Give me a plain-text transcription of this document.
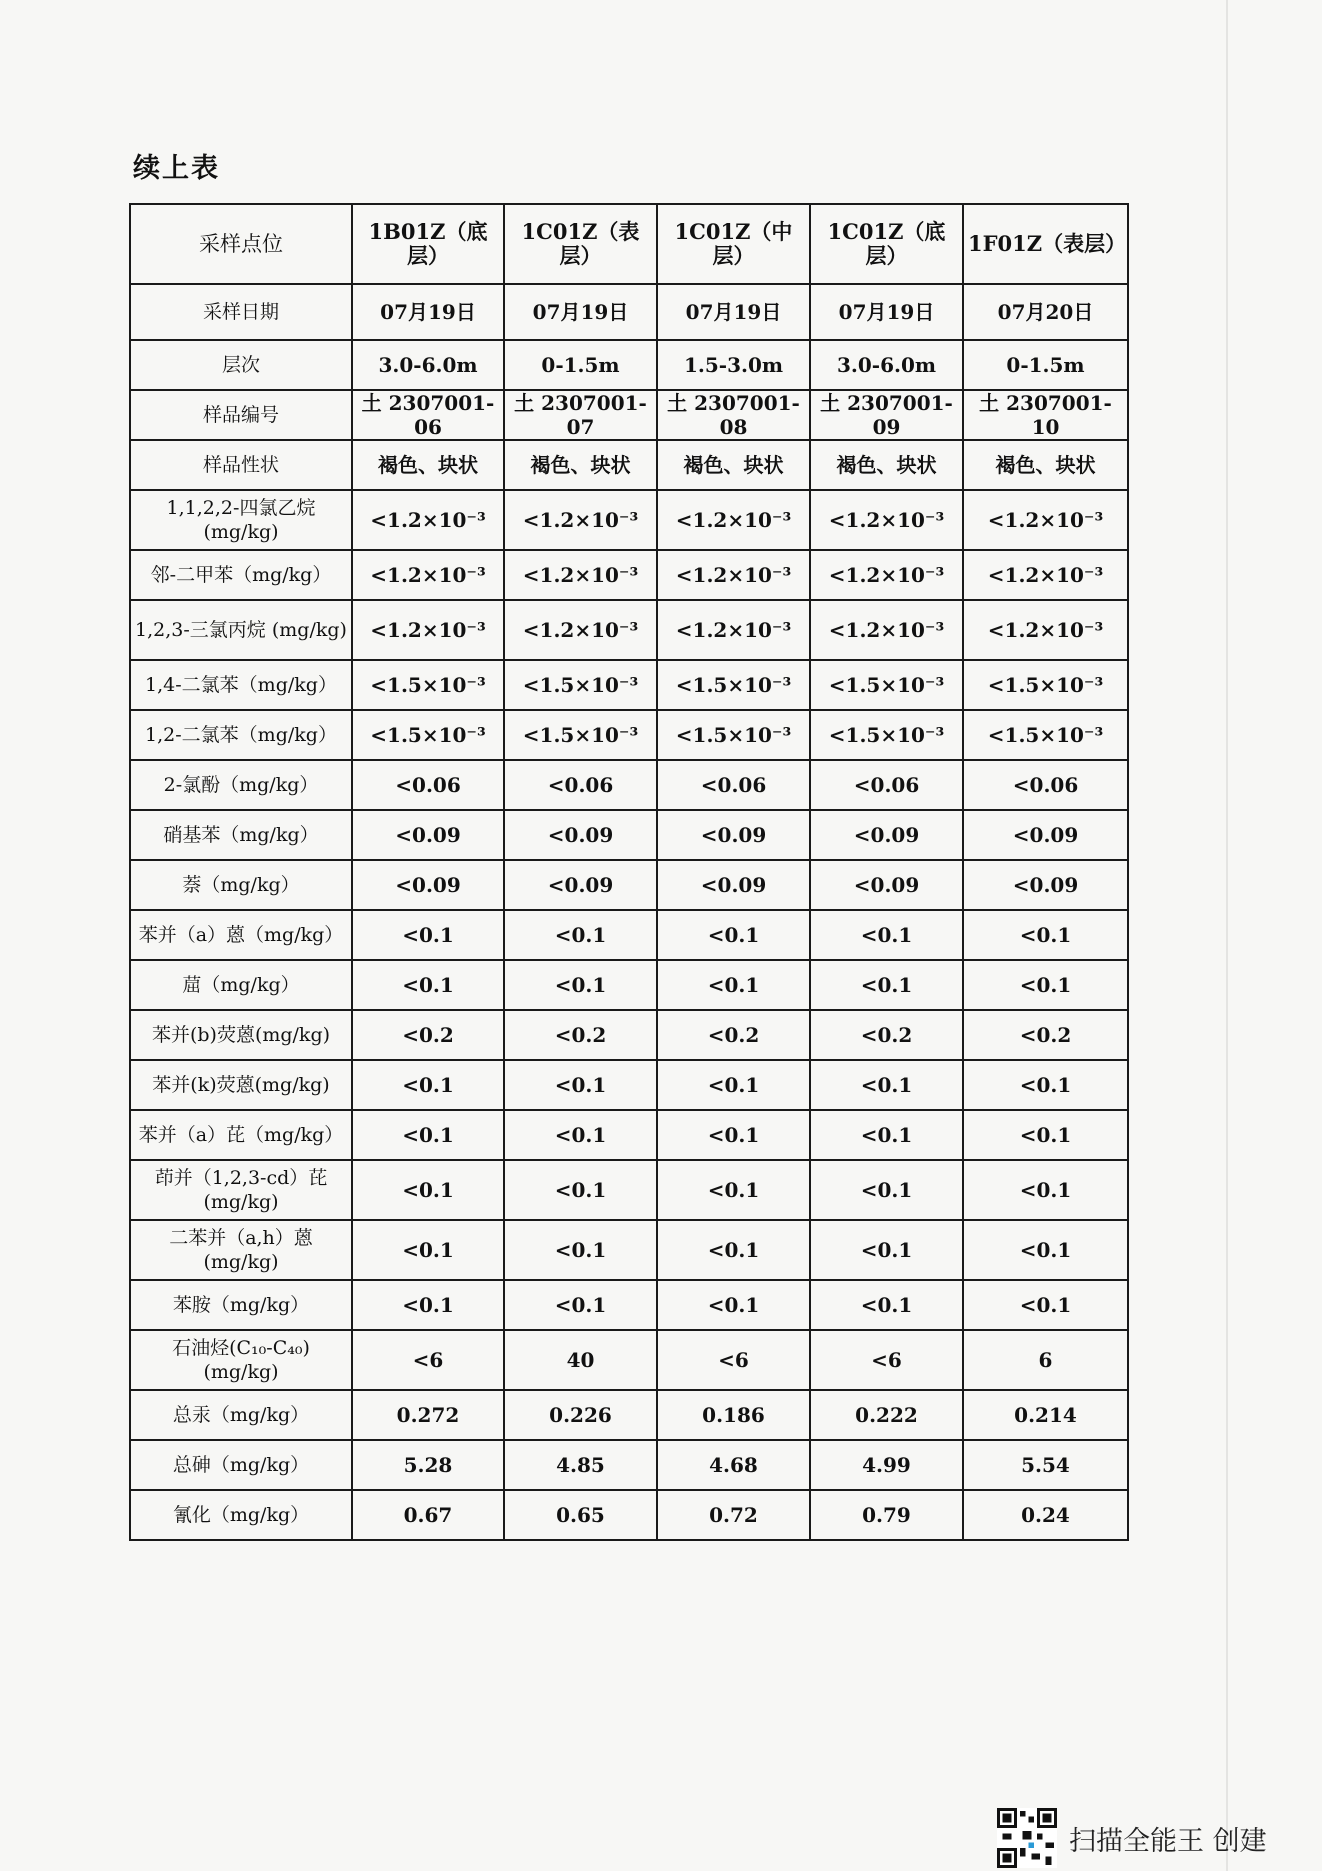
续上表
采样点位	1B01Z（底层）	1C01Z（表层）	1C01Z（中层）	1C01Z（底层）	1F01Z（表层）
采样日期	07月19日	07月19日	07月19日	07月19日	07月20日
层次	3.0-6.0m	0-1.5m	1.5-3.0m	3.0-6.0m	0-1.5m
样品编号	土 2307001-06	土 2307001-07	土 2307001-08	土 2307001-09	土 2307001-10
样品性状	褐色、块状	褐色、块状	褐色、块状	褐色、块状	褐色、块状
1,1,2,2-四氯乙烷 (mg/kg)	<1.2×10⁻³	<1.2×10⁻³	<1.2×10⁻³	<1.2×10⁻³	<1.2×10⁻³
邻-二甲苯（mg/kg）	<1.2×10⁻³	<1.2×10⁻³	<1.2×10⁻³	<1.2×10⁻³	<1.2×10⁻³
1,2,3-三氯丙烷 (mg/kg)	<1.2×10⁻³	<1.2×10⁻³	<1.2×10⁻³	<1.2×10⁻³	<1.2×10⁻³
1,4-二氯苯（mg/kg）	<1.5×10⁻³	<1.5×10⁻³	<1.5×10⁻³	<1.5×10⁻³	<1.5×10⁻³
1,2-二氯苯（mg/kg）	<1.5×10⁻³	<1.5×10⁻³	<1.5×10⁻³	<1.5×10⁻³	<1.5×10⁻³
2-氯酚（mg/kg）	<0.06	<0.06	<0.06	<0.06	<0.06
硝基苯（mg/kg）	<0.09	<0.09	<0.09	<0.09	<0.09
萘（mg/kg）	<0.09	<0.09	<0.09	<0.09	<0.09
苯并（a）蒽（mg/kg）	<0.1	<0.1	<0.1	<0.1	<0.1
䓛（mg/kg）	<0.1	<0.1	<0.1	<0.1	<0.1
苯并(b)荧蒽(mg/kg)	<0.2	<0.2	<0.2	<0.2	<0.2
苯并(k)荧蒽(mg/kg)	<0.1	<0.1	<0.1	<0.1	<0.1
苯并（a）芘（mg/kg）	<0.1	<0.1	<0.1	<0.1	<0.1
茚并（1,2,3-cd）芘 (mg/kg)	<0.1	<0.1	<0.1	<0.1	<0.1
二苯并（a,h）蒽 (mg/kg)	<0.1	<0.1	<0.1	<0.1	<0.1
苯胺（mg/kg）	<0.1	<0.1	<0.1	<0.1	<0.1
石油烃(C₁₀-C₄₀) (mg/kg)	<6	40	<6	<6	6
总汞（mg/kg）	0.272	0.226	0.186	0.222	0.214
总砷（mg/kg）	5.28	4.85	4.68	4.99	5.54
氰化（mg/kg）	0.67	0.65	0.72	0.79	0.24
扫描全能王 创建
